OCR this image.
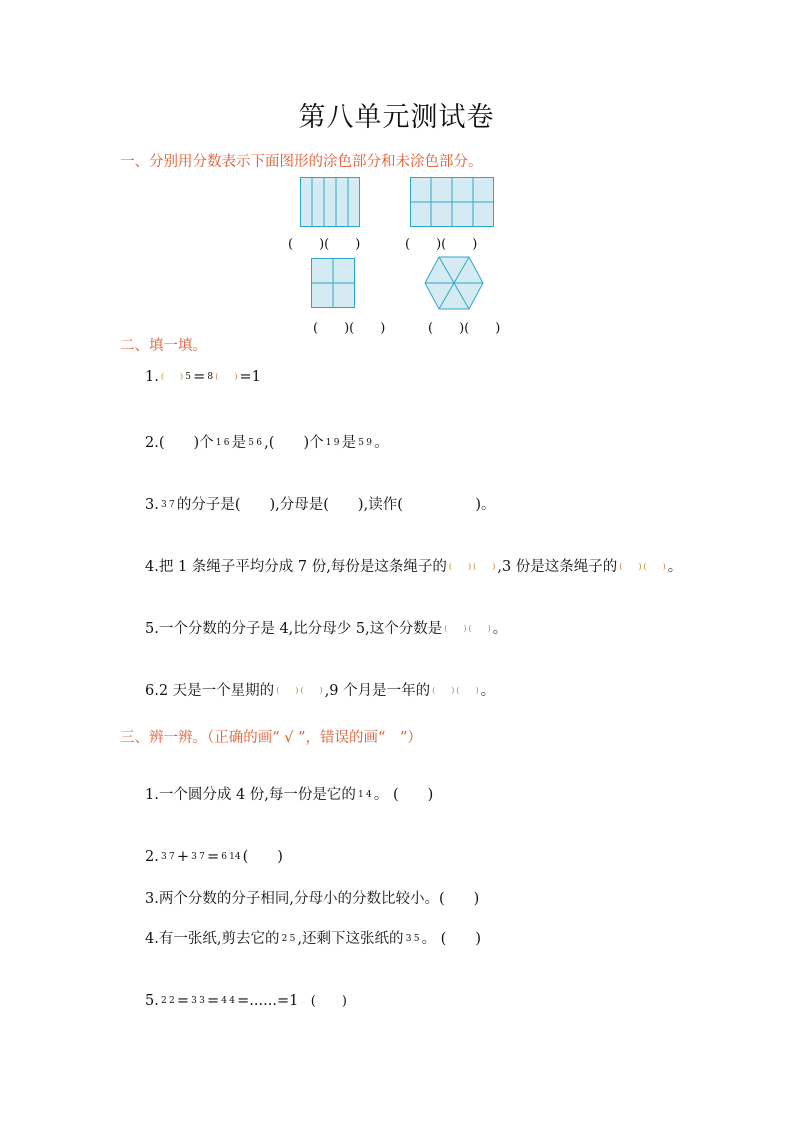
第八单元测试卷
一、分别用分数表示下面图形的涂色部分和未涂色部分。
(　　)(　　)	(　　)(　　)
(　　)(　　)	(　　)(　　)
二、填一填。
1. (　　) 5 = 8 (　　) =1
2. (　　)个 1 6 是 5 6 ,(　　)个 1 9 是 5 9 。
3. 3 7 的分子是(　　),分母是(　　),读作(　　　　　)。
4. 把 1 条绳子平均分成 7 份,每份是这条绳子的 (　　) (　　) ,3 份是这条绳子的 (　　) (　　) 。
5. 一个分数的分子是 4,比分母少 5,这个分数是 (　　) (　　) 。
6. 2 天是一个星期的 (　　) (　　) ,9 个月是一年的 (　　) (　　) 。
三、辨一辨。（正确的画“ √ ”，错误的画“　”）
1. 一个圆分成 4 份,每一份是它的 1 4 。 (　　)
2. 3 7 + 3 7 = 6 14 (　　)
3. 两个分数的分子相同,分母小的分数比较小。(　　)
4. 有一张纸,剪去它的 2 5 ,还剩下这张纸的 3 5 。 (　　)
5. 2 2 = 3 3 = 4 4 =......=1 (　　)
